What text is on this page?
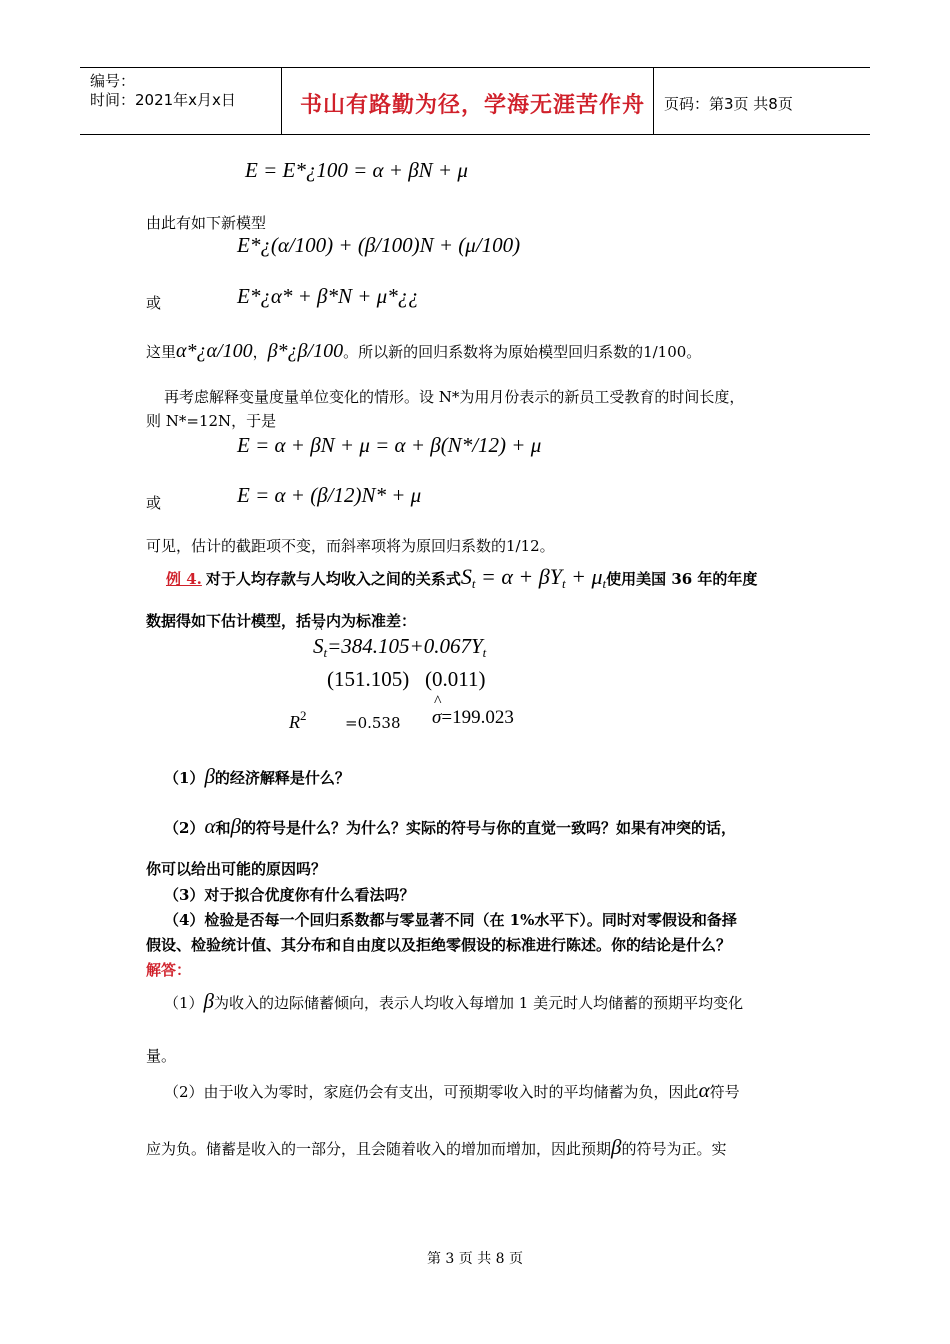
编号：
时间：2021年x月x日	书山有路勤为径，学海无涯苦作舟 页码：第3页 共8页
E = E*¿100 = α + βN + μ
由此有如下新模型
E*¿(α/100) + (β/100)N + (μ/100)
或	E*¿α* + β*N + μ*¿¿
这里α*¿α/100，β*¿β/100。所以新的回归系数将为原始模型回归系数的1/100。
再考虑解释变量度量单位变化的情形。设 N*为用月份表示的新员工受教育的时间长度，
则 N*=12N，于是
E = α + βN + μ = α + β(N*/12) + μ
或	E = α + (β/12)N* + μ
可见，估计的截距项不变，而斜率项将为原回归系数的1/12。
例 4. 对于人均存款与人均收入之间的关系式$S_t = \alpha + \beta Y_t + \mu_t$使用美国 36 年的年度
数据得如下估计模型，括号内为标准差：
^ $S_t=384.105+0.067Y_t$
(151.105)   (0.011)
$R^2$	=0.538
^ σ=199.023
（1）β的经济解释是什么？
（2）α和β的符号是什么？为什么？实际的符号与你的直觉一致吗？如果有冲突的话，
你可以给出可能的原因吗？
（3）对于拟合优度你有什么看法吗？
（4）检验是否每一个回归系数都与零显著不同（在 1%水平下）。同时对零假设和备择
假设、检验统计值、其分布和自由度以及拒绝零假设的标准进行陈述。你的结论是什么？
解答：
（1）β为收入的边际储蓄倾向，表示人均收入每增加 1 美元时人均储蓄的预期平均变化
量。
（2）由于收入为零时，家庭仍会有支出，可预期零收入时的平均储蓄为负，因此α符号
应为负。储蓄是收入的一部分，且会随着收入的增加而增加，因此预期β的符号为正。实
第 3 页 共 8 页
